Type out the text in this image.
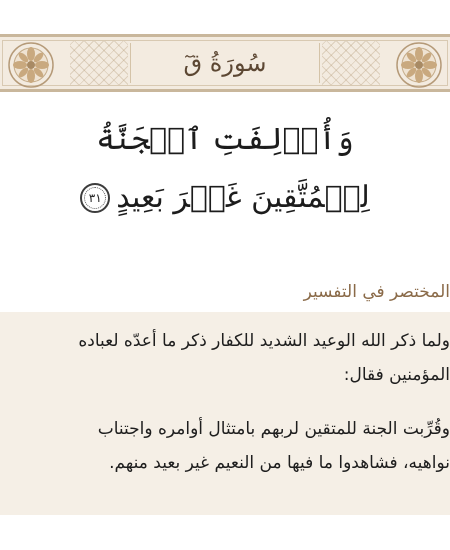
سُورَةُ قٓ
وَأُزۡلِفَتِ ٱلۡجَنَّةُ
لِلۡمُتَّقِينَ غَيۡرَ بَعِيدٍ
٣١
المختصر في التفسير
ولما ذكر الله الوعيد الشديد للكفار ذكر ما أعدّه لعباده
المؤمنين فقال:
وقُرِّبت الجنة للمتقين لربهم بامتثال أوامره واجتناب
نواهيه، فشاهدوا ما فيها من النعيم غير بعيد منهم.
